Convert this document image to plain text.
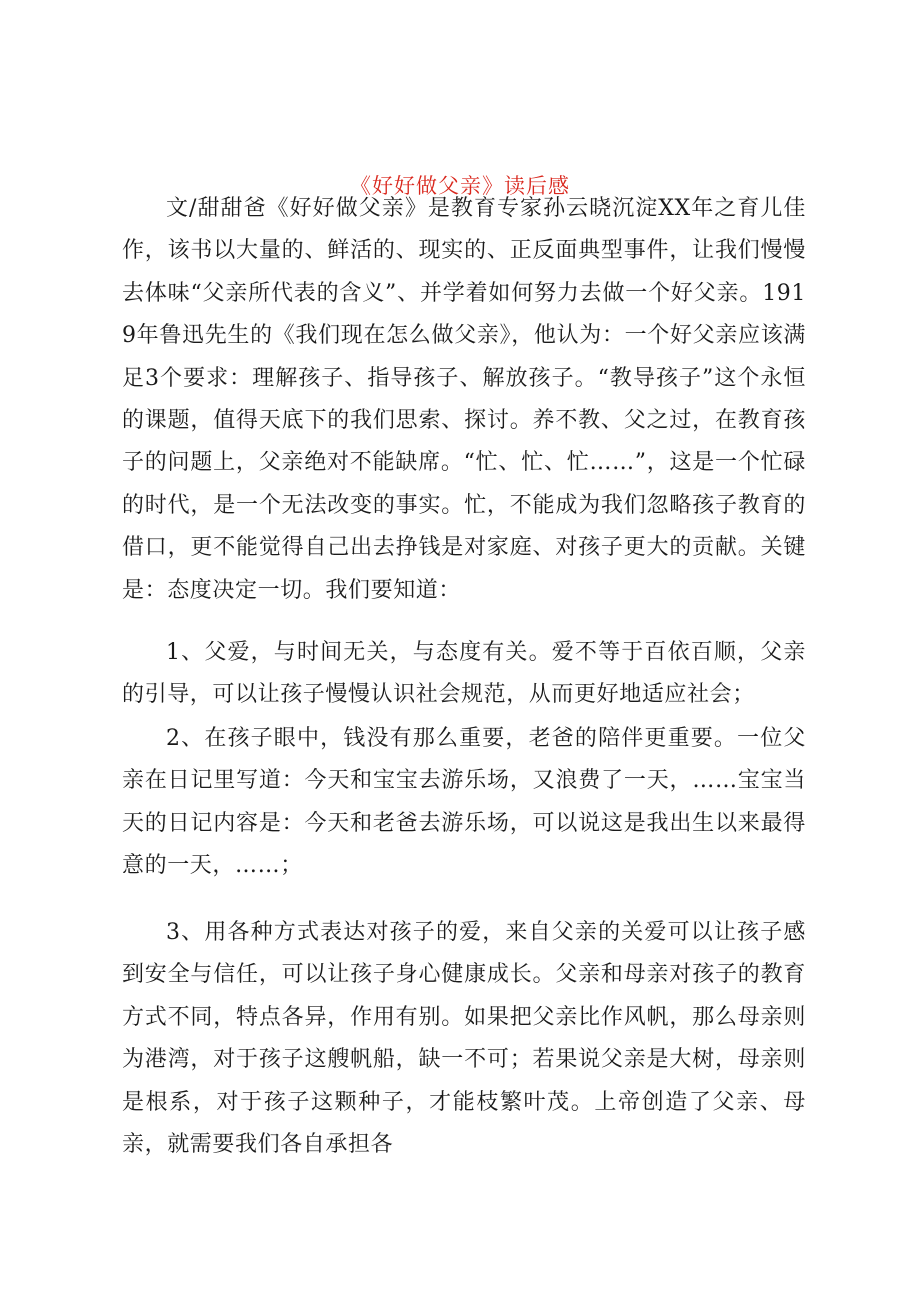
《好好做父亲》读后感

文/甜甜爸《好好做父亲》是教育专家孙云晓沉淀XX年之育儿佳作，该书以大量的、鲜活的、现实的、正反面典型事件，让我们慢慢去体味“父亲所代表的含义”、并学着如何努力去做一个好父亲。1919年鲁迅先生的《我们现在怎么做父亲》，他认为：一个好父亲应该满足3个要求：理解孩子、指导孩子、解放孩子。“教导孩子”这个永恒的课题，值得天底下的我们思索、探讨。养不教、父之过，在教育孩子的问题上，父亲绝对不能缺席。“忙、忙、忙……”，这是一个忙碌的时代，是一个无法改变的事实。忙，不能成为我们忽略孩子教育的借口，更不能觉得自己出去挣钱是对家庭、对孩子更大的贡献。关键是：态度决定一切。我们要知道：

1、父爱，与时间无关，与态度有关。爱不等于百依百顺，父亲的引导，可以让孩子慢慢认识社会规范，从而更好地适应社会；

2、在孩子眼中，钱没有那么重要，老爸的陪伴更重要。一位父亲在日记里写道：今天和宝宝去游乐场，又浪费了一天，……宝宝当天的日记内容是：今天和老爸去游乐场，可以说这是我出生以来最得意的一天，……；

3、用各种方式表达对孩子的爱，来自父亲的关爱可以让孩子感到安全与信任，可以让孩子身心健康成长。父亲和母亲对孩子的教育方式不同，特点各异，作用有别。如果把父亲比作风帆，那么母亲则为港湾，对于孩子这艘帆船，缺一不可；若果说父亲是大树，母亲则是根系，对于孩子这颗种子，才能枝繁叶茂。上帝创造了父亲、母亲，就需要我们各自承担各
